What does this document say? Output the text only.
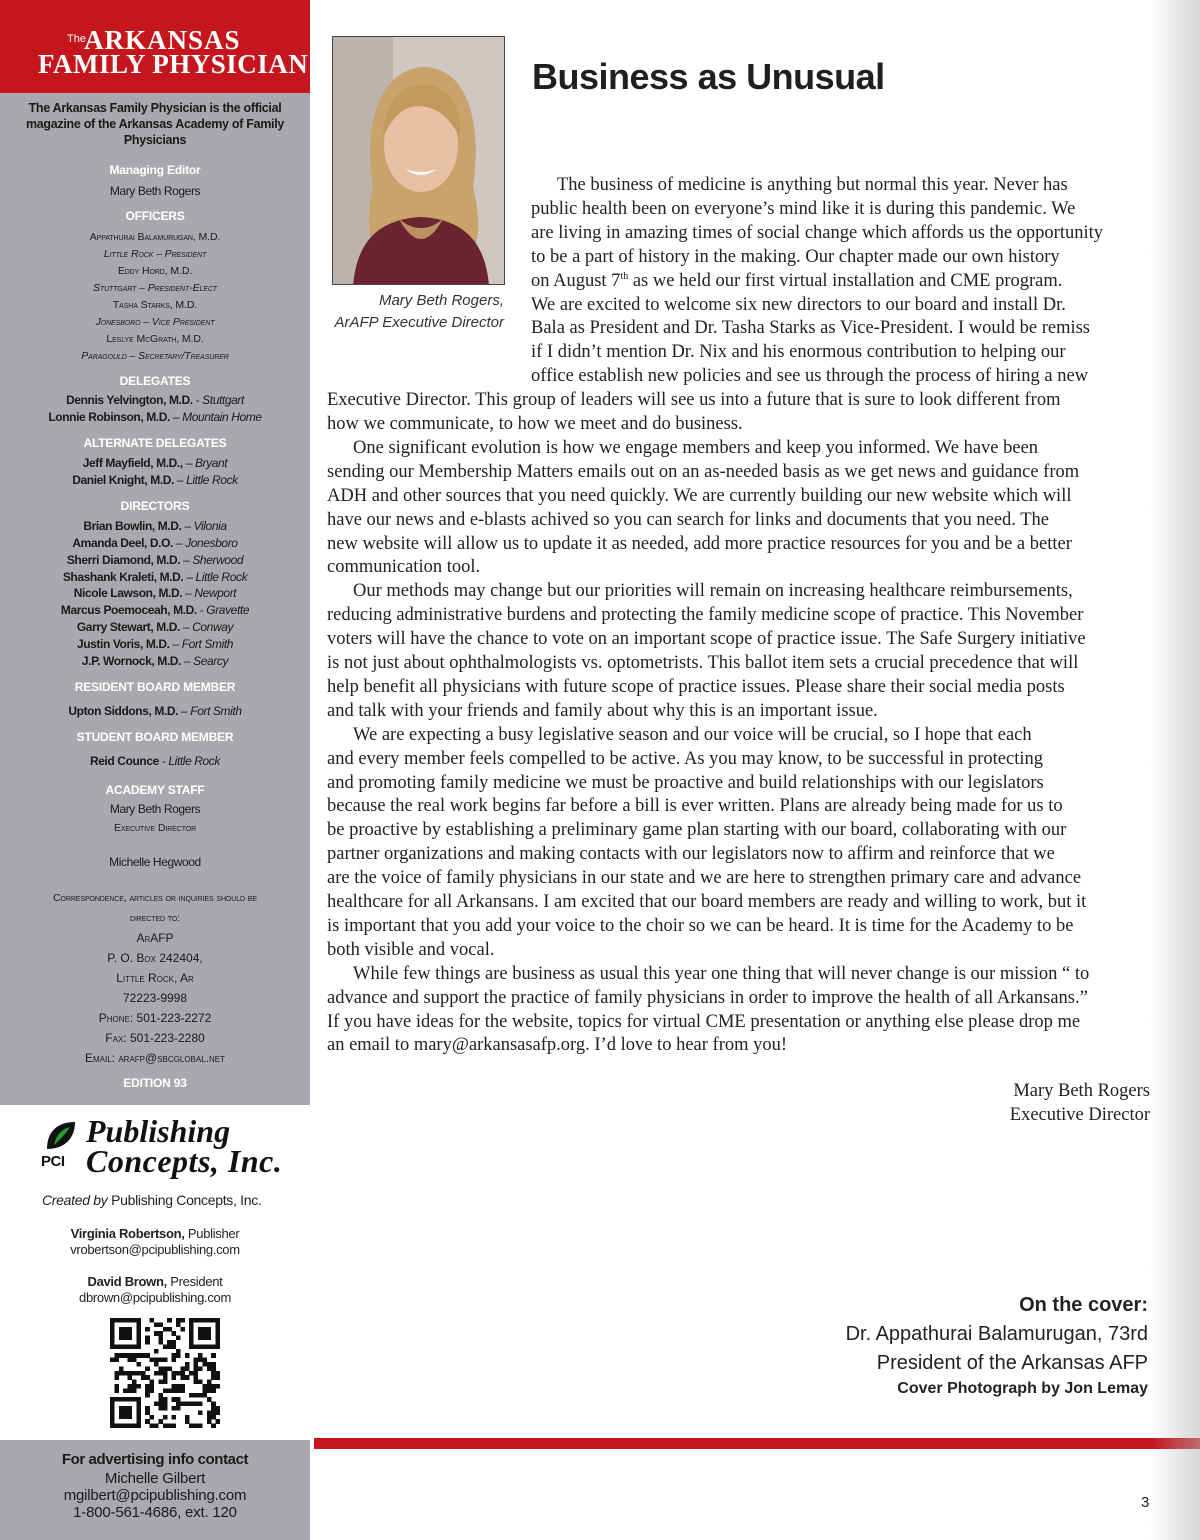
The
ARKANSAS
FAMILY PHYSICIAN
The Arkansas Family Physician is the official magazine of the Arkansas Academy of Family Physicians
Managing Editor
Mary Beth Rogers
OFFICERS
Appathurai Balamurugan, M.D.
Little Rock – President
Eddy Hord, M.D.
Stuttgart – President-Elect
Tasha Starks, M.D.
Jonesboro – Vice President
Leslye McGrath, M.D.
Paragould – Secretary/Treasurer
DELEGATES
Dennis Yelvington, M.D. - Stuttgart
Lonnie Robinson, M.D. – Mountain Home
ALTERNATE DELEGATES
Jeff Mayfield, M.D., – Bryant
Daniel Knight, M.D. – Little Rock
DIRECTORS
Brian Bowlin, M.D. – Vilonia
Amanda Deel, D.O. – Jonesboro
Sherri Diamond, M.D. – Sherwood
Shashank Kraleti, M.D. – Little Rock
Nicole Lawson, M.D. – Newport
Marcus Poemoceah, M.D. - Gravette
Garry Stewart, M.D. – Conway
Justin Voris, M.D. – Fort Smith
J.P. Wornock, M.D. – Searcy
RESIDENT BOARD MEMBER
Upton Siddons, M.D. – Fort Smith
STUDENT BOARD MEMBER
Reid Counce - Little Rock
ACADEMY STAFF
Mary Beth Rogers
Executive Director
Michelle Hegwood
Correspondence, articles or inquiries should be
directed to:
ArAFP
P. O. Box 242404,
Little Rock, Ar
72223-9998
Phone: 501-223-2272
Fax: 501-223-2280
Email: arafp@sbcglobal.net
EDITION 93
PCI
Publishing
Concepts, Inc.
Created by Publishing Concepts, Inc.
Virginia Robertson, Publisher
vrobertson@pcipublishing.com
David Brown, President
dbrown@pcipublishing.com
For advertising info contact
Michelle Gilbert
mgilbert@pcipublishing.com
1-800-561-4686, ext. 120
Mary Beth Rogers,
ArAFP Executive Director
Business as Unusual
The business of medicine is anything but normal this year. Never has
public health been on everyone’s mind like it is during this pandemic. We
are living in amazing times of social change which affords us the opportunity
to be a part of history in the making. Our chapter made our own history
on August 7th as we held our first virtual installation and CME program.
We are excited to welcome six new directors to our board and install Dr.
Bala as President and Dr. Tasha Starks as Vice-President. I would be remiss
if I didn’t mention Dr. Nix and his enormous contribution to helping our
office establish new policies and see us through the process of hiring a new
Executive Director. This group of leaders will see us into a future that is sure to look different from
how we communicate, to how we meet and do business.
One significant evolution is how we engage members and keep you informed. We have been
sending our Membership Matters emails out on an as-needed basis as we get news and guidance from
ADH and other sources that you need quickly. We are currently building our new website which will
have our news and e-blasts achived so you can search for links and documents that you need. The
new website will allow us to update it as needed, add more practice resources for you and be a better
communication tool.
Our methods may change but our priorities will remain on increasing healthcare reimbursements,
reducing administrative burdens and protecting the family medicine scope of practice. This November
voters will have the chance to vote on an important scope of practice issue. The Safe Surgery initiative
is not just about ophthalmologists vs. optometrists. This ballot item sets a crucial precedence that will
help benefit all physicians with future scope of practice issues. Please share their social media posts
and talk with your friends and family about why this is an important issue.
We are expecting a busy legislative season and our voice will be crucial, so I hope that each
and every member feels compelled to be active. As you may know, to be successful in protecting
and promoting family medicine we must be proactive and build relationships with our legislators
because the real work begins far before a bill is ever written. Plans are already being made for us to
be proactive by establishing a preliminary game plan starting with our board, collaborating with our
partner organizations and making contacts with our legislators now to affirm and reinforce that we
are the voice of family physicians in our state and we are here to strengthen primary care and advance
healthcare for all Arkansans. I am excited that our board members are ready and willing to work, but it
is important that you add your voice to the choir so we can be heard. It is time for the Academy to be
both visible and vocal.
While few things are business as usual this year one thing that will never change is our mission “ to
advance and support the practice of family physicians in order to improve the health of all Arkansans.”
If you have ideas for the website, topics for virtual CME presentation or anything else please drop me
an email to mary@arkansasafp.org. I’d love to hear from you!
Mary Beth Rogers
Executive Director
On the cover:
Dr. Appathurai Balamurugan, 73rd
President of the Arkansas AFP
Cover Photograph by Jon Lemay
3
